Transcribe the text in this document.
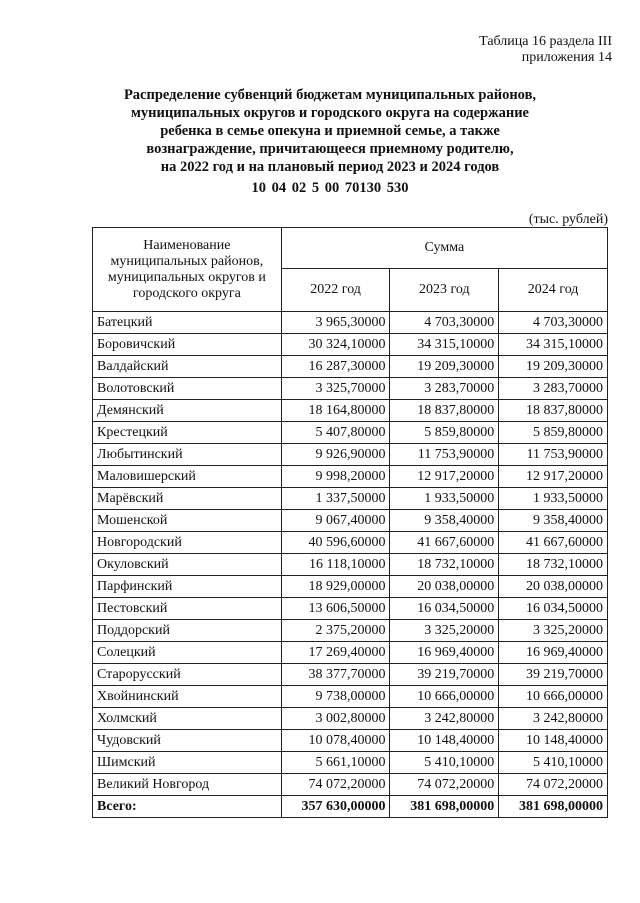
Таблица 16 раздела III
приложения 14
Распределение субвенций бюджетам муниципальных районов,
муниципальных округов и городского округа на содержание
ребенка в семье опекуна и приемной семье, а также
вознаграждение, причитающееся приемному родителю,
на 2022 год и на плановый период 2023 и 2024 годов
10 04 02 5 00 70130 530
(тыс. рублей)
Наименование муниципальных районов, муниципальных округов и городского округа	Сумма		
	2022 год	2023 год	2024 год
Батецкий	3 965,30000	4 703,30000	4 703,30000
Боровичский	30 324,10000	34 315,10000	34 315,10000
Валдайский	16 287,30000	19 209,30000	19 209,30000
Волотовский	3 325,70000	3 283,70000	3 283,70000
Демянский	18 164,80000	18 837,80000	18 837,80000
Крестецкий	5 407,80000	5 859,80000	5 859,80000
Любытинский	9 926,90000	11 753,90000	11 753,90000
Маловишерский	9 998,20000	12 917,20000	12 917,20000
Марёвский	1 337,50000	1 933,50000	1 933,50000
Мошенской	9 067,40000	9 358,40000	9 358,40000
Новгородский	40 596,60000	41 667,60000	41 667,60000
Окуловский	16 118,10000	18 732,10000	18 732,10000
Парфинский	18 929,00000	20 038,00000	20 038,00000
Пестовский	13 606,50000	16 034,50000	16 034,50000
Поддорский	2 375,20000	3 325,20000	3 325,20000
Солецкий	17 269,40000	16 969,40000	16 969,40000
Старорусский	38 377,70000	39 219,70000	39 219,70000
Хвойнинский	9 738,00000	10 666,00000	10 666,00000
Холмский	3 002,80000	3 242,80000	3 242,80000
Чудовский	10 078,40000	10 148,40000	10 148,40000
Шимский	5 661,10000	5 410,10000	5 410,10000
Великий Новгород	74 072,20000	74 072,20000	74 072,20000
Всего:	357 630,00000	381 698,00000	381 698,00000
